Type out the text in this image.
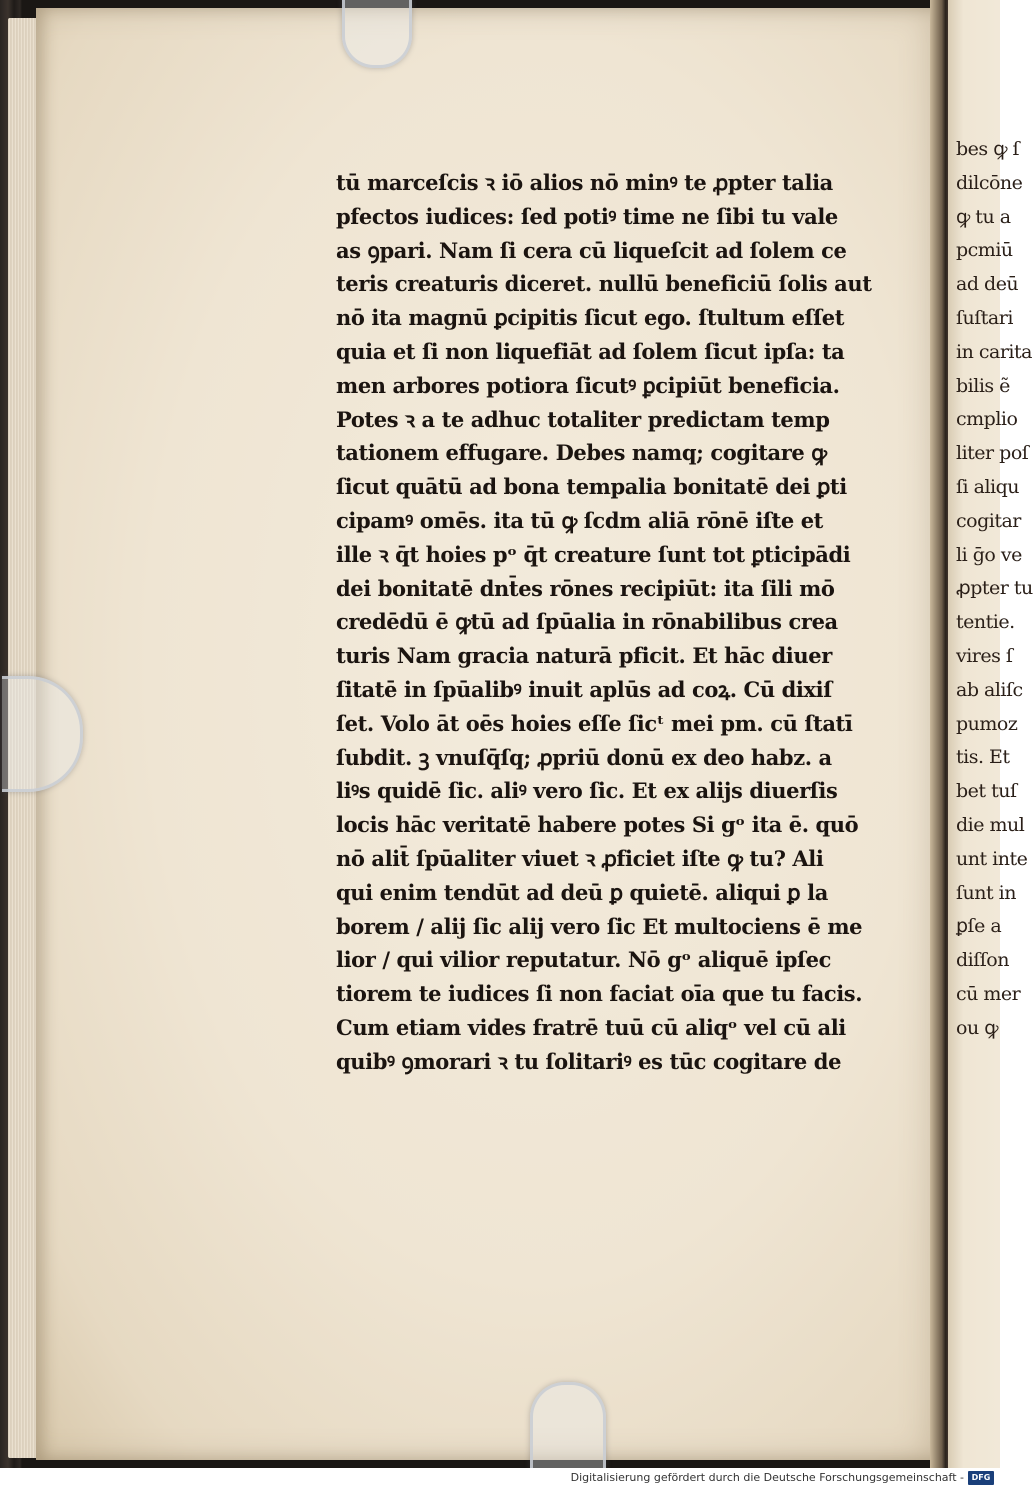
bes ꝙ ſ
dilcōne
ꝙ tu a
pcmiū
ad deū
ſuſtari
in carita
bilis ẽ
cmplio
liter poſ
ſi aliqu
cogitar
li ḡo ve
ꝓpter tu
tentie.
vires ſ
ab aliſc
pumoz
tis. Et
bet tuſ
die mul
unt inte
ſunt in
ꝑſe a
diſſon
cū mer
ou ꝙ
tū marceſcis ꝛ iō alios nō minꝰ te ꝓpter talia
pfectos iudices: ſed potiꝰ time ne ſibi tu vale
as ꝯpari. Nam ſi cera cū liqueſcit ad ſolem ce
teris creaturis diceret. nullū beneficiū ſolis aut
nō ita magnū ꝑcipitis ſicut ego. ſtultum eſſet
quia et ſi non liquefiāt ad ſolem ſicut ipſa: ta
men arbores potiora ſicutꝰ ꝑcipiūt beneficia.
Potes ꝛ a te adhuc totaliter predictam temp
tationem effugare. Debes namq; cogitare ꝙ
ſicut quātū ad bona tempalia bonitatē dei ꝑti
cipamꝰ omēs. ita tū ꝙ ſcdm aliā rōnē iſte et
ille ꝛ q̄t hoies pᵒ q̄t creature ſunt tot ꝑticipādi
dei bonitatē dnt̄es rōnes recipiūt: ita ſili mō
credēdū ē ꝙtū ad ſpūalia in rōnabilibus crea
turis Nam gracia naturā pficit. Et hāc diuer
ſitatē in ſpūalibꝰ inuit aplūs ad coꝝ. Cū dixiſ
ſet. Volo āt oēs hoies eſſe ſicᵗ mei pm. cū ſtatī
ſubdit. ꝫ vnuſq̄ſq; ꝓpriū donū ex deo habz. a
liꝰs quidē ſic. aliꝰ vero ſic. Et ex alijs diuerſis
locis hāc veritatē habere potes Si gᵒ ita ē. quō
nō alit̄ ſpūaliter viuet ꝛ ꝓficiet iſte ꝙ tu? Ali
qui enim tendūt ad deū ꝑ quietē. aliqui ꝑ la
borem / alij ſic alij vero ſic Et multociens ē me
lior / qui vilior reputatur. Nō gᵒ aliquē ipſec
tiorem te iudices ſi non faciat oīa que tu facis.
Cum etiam vides fratrē tuū cū aliqᵒ vel cū ali
quibꝰ ꝯmorari ꝛ tu ſolitariꝰ es tūc cogitare de
Digitalisierung gefördert durch die Deutsche Forschungsgemeinschaft - DFG
